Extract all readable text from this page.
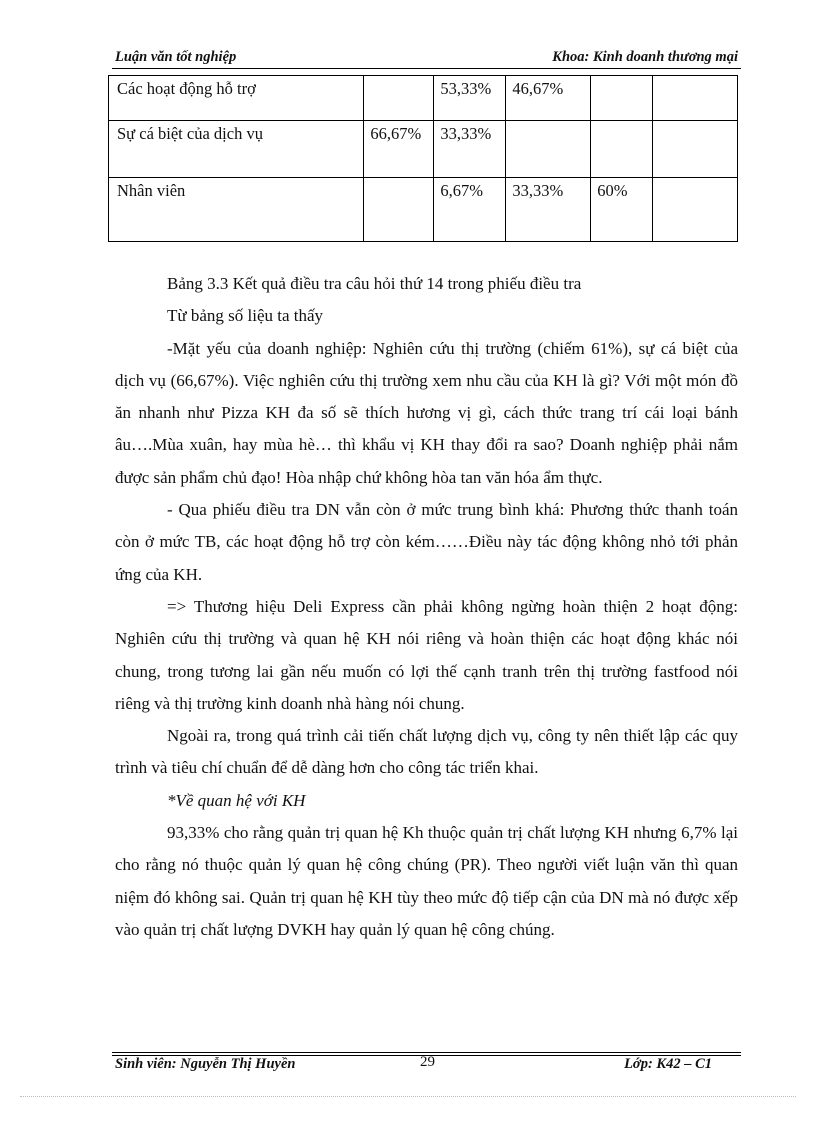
Luận văn tốt nghiệp	Khoa: Kinh doanh thương mại
Các hoạt động hỗ trợ		53,33%	46,67%		
Sự cá biệt của dịch vụ	66,67%	33,33%			
Nhân viên		6,67%	33,33%	60%	

Bảng 3.3 Kết quả điều tra câu hỏi thứ 14 trong phiếu điều tra

Từ bảng số liệu ta thấy

-Mặt yếu của doanh nghiệp: Nghiên cứu thị trường (chiếm 61%), sự cá biệt của dịch vụ (66,67%). Việc nghiên cứu thị trường xem nhu cầu của KH là gì? Với một món đồ ăn nhanh như Pizza KH đa số sẽ thích hương vị gì, cách thức trang trí cái loại bánh âu….Mùa xuân, hay mùa hè… thì khẩu vị KH thay đổi ra sao? Doanh nghiệp phải nắm được sản phẩm chủ đạo! Hòa nhập chứ không hòa tan văn hóa ẩm thực.

- Qua phiếu điều tra DN vẫn còn ở mức trung bình khá: Phương thức thanh toán còn ở mức TB, các hoạt động hỗ trợ còn kém……Điều này tác động không nhỏ tới phản ứng của KH.

=> Thương hiệu Deli Express cần phải không ngừng hoàn thiện 2 hoạt động: Nghiên cứu thị trường và quan hệ KH nói riêng và hoàn thiện các hoạt động khác nói chung, trong tương lai gần nếu muốn có lợi thế cạnh tranh trên thị trường fastfood nói riêng và thị trường kinh doanh nhà hàng nói chung.

Ngoài ra, trong quá trình cải tiến chất lượng dịch vụ, công ty nên thiết lập các quy trình và tiêu chí chuẩn để dễ dàng hơn cho công tác triển khai.

*Về quan hệ với KH

93,33% cho rằng quản trị quan hệ Kh thuộc quản trị chất lượng KH nhưng 6,7% lại cho rằng nó thuộc quản lý quan hệ công chúng (PR). Theo người viết luận văn thì quan niệm đó không sai. Quản trị quan hệ KH tùy theo mức độ tiếp cận của DN mà nó được xếp vào quản trị chất lượng DVKH hay quản lý quan hệ công chúng.

Sinh viên: Nguyễn Thị Huyền	29	Lớp: K42 – C1
